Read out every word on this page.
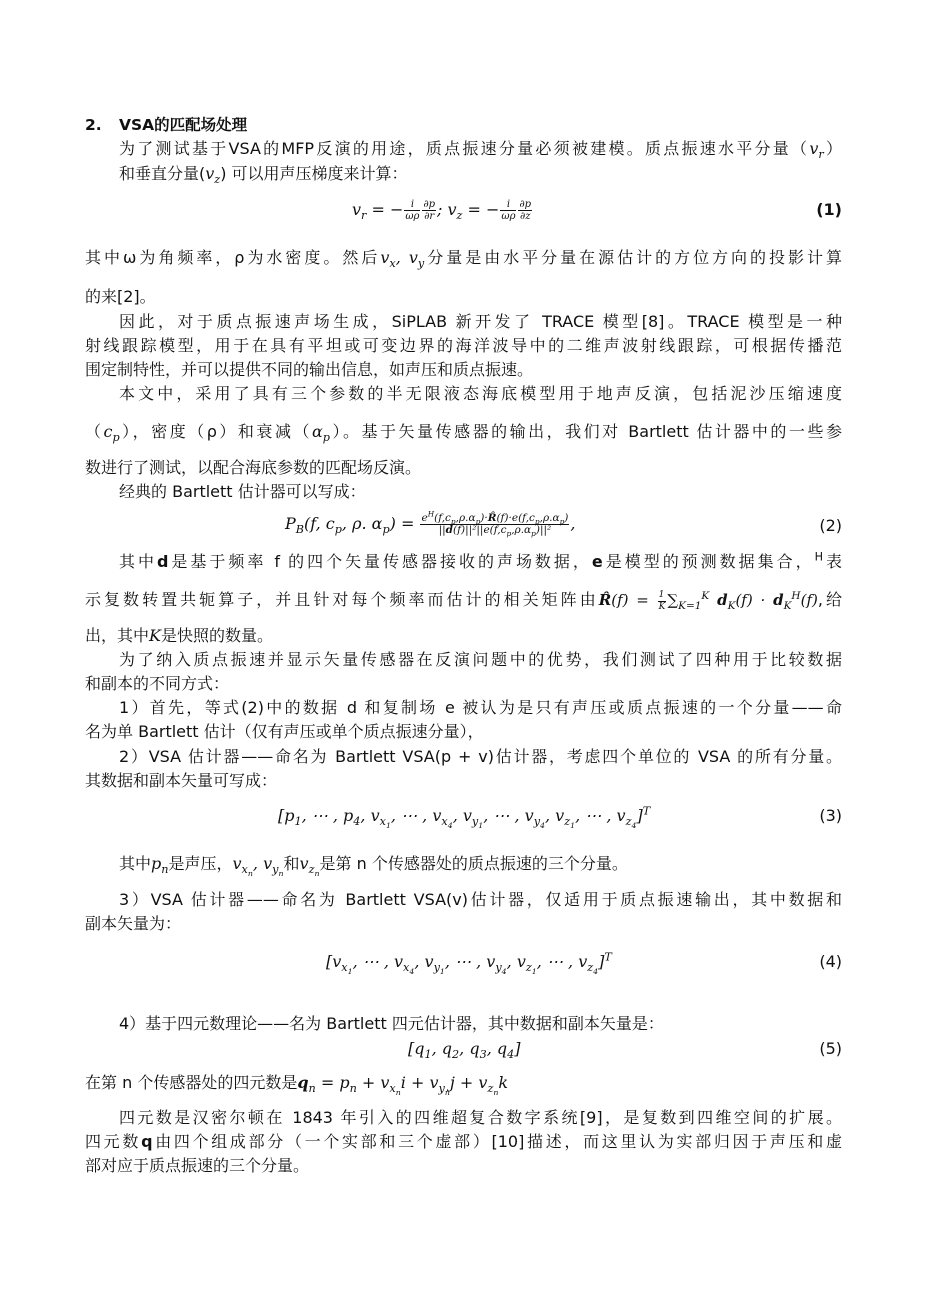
2. VSA的匹配场处理
为了测试基于VSA的MFP反演的用途，质点振速分量必须被建模。质点振速水平分量$(v_r)$
和垂直分量$(v_z)$ 可以用声压梯度来计算：
$v_r$ = − $\frac{i}{\omega\rho} \frac{\partial p}{\partial r}$ ; $v_z$ = − $\frac{i}{\omega\rho} \frac{\partial p}{\partial z}$	(1)
其中ω为角频率，ρ为水密度。然后$v_x$, $v_y$分量是由水平分量在源估计的方位方向的投影计算
的来[2]。
因此，对于质点振速声场生成，SiPLAB 新开发了 TRACE 模型[8]。TRACE 模型是一种
射线跟踪模型，用于在具有平坦或可变边界的海洋波导中的二维声波射线跟踪，可根据传播范
围定制特性，并可以提供不同的输出信息，如声压和质点振速。
本文中，采用了具有三个参数的半无限液态海底模型用于地声反演，包括泥沙压缩速度
$(c_p)$，密度（ρ）和衰减$(\alpha_p)$。基于矢量传感器的输出，我们对 Bartlett 估计器中的一些参
数进行了测试，以配合海底参数的匹配场反演。
经典的 Bartlett 估计器可以写成：
$P_B(f$, $c_p$, ρ. $\alpha_p) = \frac{e^H(f,c_p,\rho.\alpha_p)\cdot R̂(f)\cdot e(f,c_p,\rho.\alpha_p)}{||d(f)||^2||e(f,c_p,\rho.\alpha_p)||^2}$ ,	(2)
其中d是基于频率 f 的四个矢量传感器接收的声场数据，e是模型的预测数据集合，$^H$表
示复数转置共轭算子，并且针对每个频率而估计的相关矩阵由R̂(f) = $\frac{1}{K} \sum_{K=1}^K$ $d_K(f) \cdot d_K^H(f)$,给
出，其中K是快照的数量。
为了纳入质点振速并显示矢量传感器在反演问题中的优势，我们测试了四种用于比较数据
和副本的不同方式：
1）首先，等式(2)中的数据 d 和复制场 e 被认为是只有声压或质点振速的一个分量——命
名为单 Bartlett 估计（仅有声压或单个质点振速分量），
2）VSA 估计器——命名为 Bartlett VSA(p + v)估计器，考虑四个单位的 VSA 的所有分量。
其数据和副本矢量可写成：
[$p_1$, ⋯ , $p_4$, $v_{x_1}$, ⋯ , $v_{x_4}$, $v_{y_1}$, ⋯ , $v_{y_4}$, $v_{z_1}$, ⋯ , $v_{z_4}]^T$	(3)
其中$p_n$是声压，$v_{x_n}$, $v_{y_n}$和$v_{z_n}$是第 n 个传感器处的质点振速的三个分量。
3）VSA 估计器——命名为 Bartlett VSA(v)估计器，仅适用于质点振速输出，其中数据和
副本矢量为：
[$v_{x_1}$, ⋯ , $v_{x_4}$, $v_{y_1}$, ⋯ , $v_{y_4}$, $v_{z_1}$, ⋯ , $v_{z_4}]^T$	(4)
4）基于四元数理论——名为 Bartlett 四元估计器，其中数据和副本矢量是：
[$q_1$, $q_2$, $q_3$, $q_4$]	(5)
在第 n 个传感器处的四元数是$q_n = p_n + v_{x_n}i + v_{y_n}j + v_{z_n}k$
四元数是汉密尔顿在 1843 年引入的四维超复合数字系统[9]，是复数到四维空间的扩展。
四元数q由四个组成部分（一个实部和三个虚部）[10]描述，而这里认为实部归因于声压和虚
部对应于质点振速的三个分量。
